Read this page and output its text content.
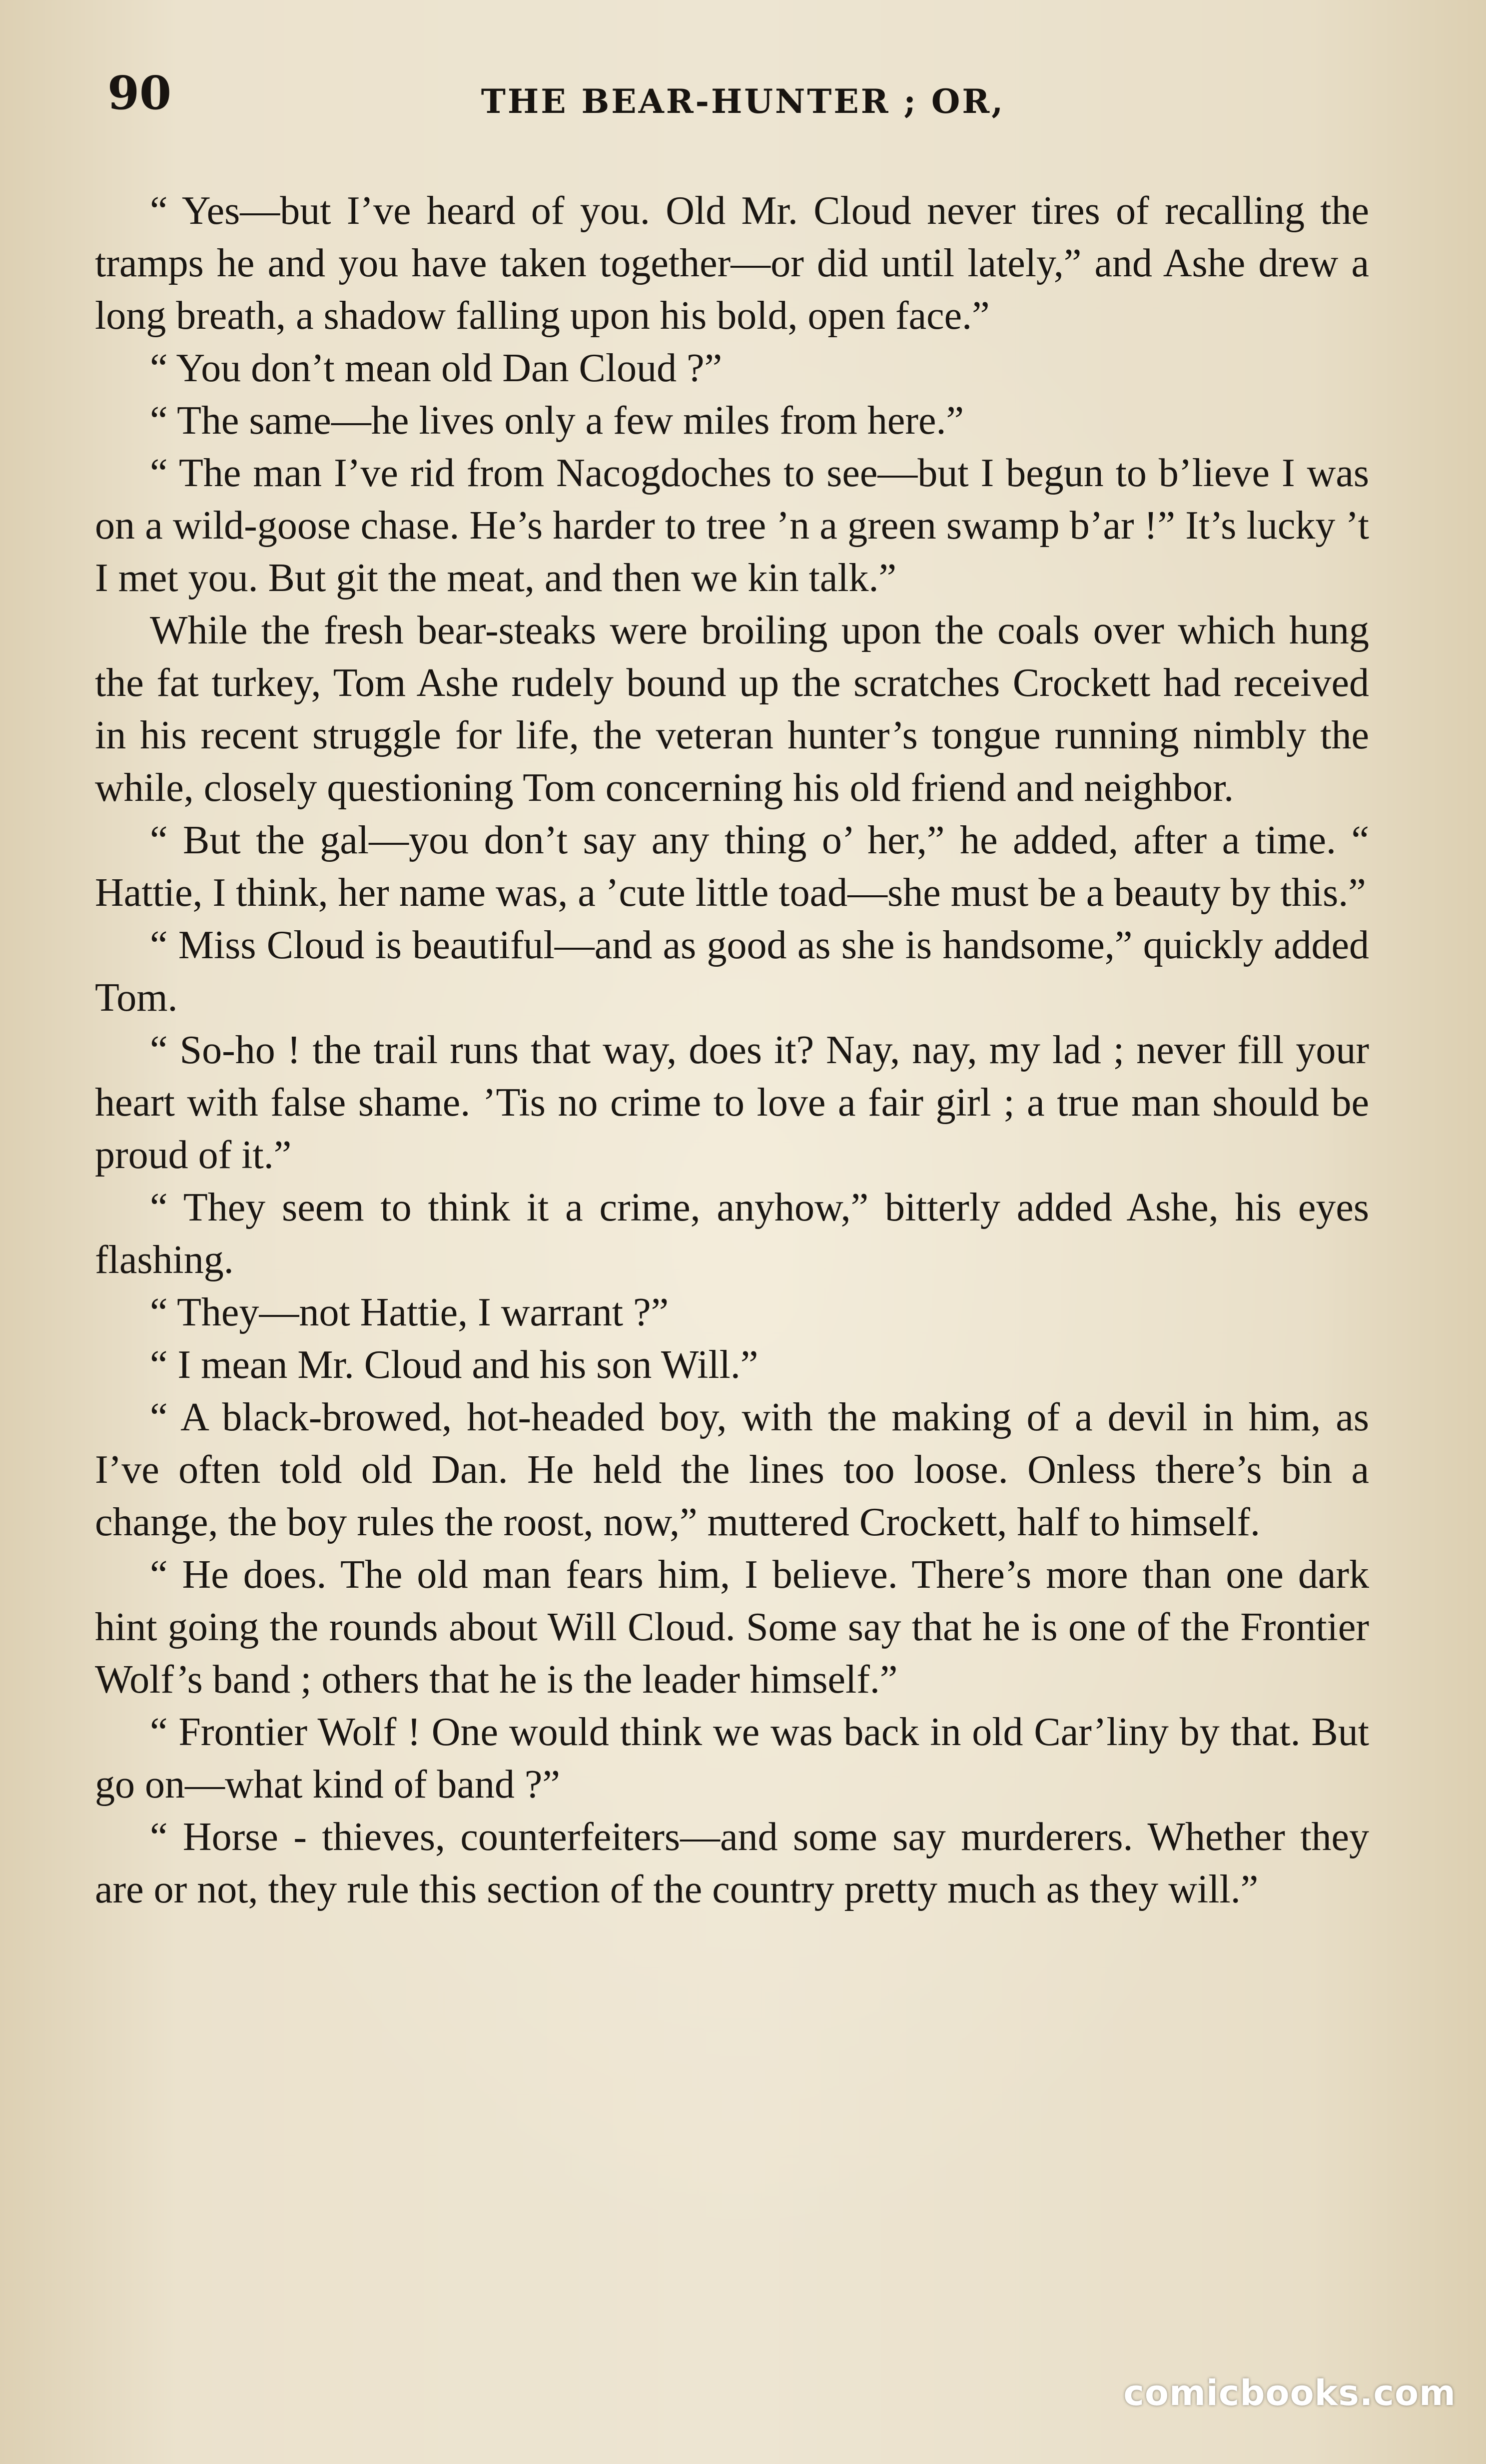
90	THE BEAR-HUNTER ; OR,

“ Yes—but I’ve heard of you. Old Mr. Cloud never tires of recalling the tramps he and you have taken together—or did until lately,” and Ashe drew a long breath, a shadow falling upon his bold, open face.”

“ You don’t mean old Dan Cloud ?”

“ The same—he lives only a few miles from here.”

“ The man I’ve rid from Nacogdoches to see—but I begun to b’lieve I was on a wild-goose chase. He’s harder to tree ’n a green swamp b’ar !” It’s lucky ’t I met you. But git the meat, and then we kin talk.”

While the fresh bear-steaks were broiling upon the coals over which hung the fat turkey, Tom Ashe rudely bound up the scratches Crockett had received in his recent struggle for life, the veteran hunter’s tongue running nimbly the while, closely questioning Tom concerning his old friend and neighbor.

“ But the gal—you don’t say any thing o’ her,” he added, after a time. “ Hattie, I think, her name was, a ’cute little toad—she must be a beauty by this.”

“ Miss Cloud is beautiful—and as good as she is handsome,” quickly added Tom.

“ So-ho ! the trail runs that way, does it? Nay, nay, my lad ; never fill your heart with false shame. ’Tis no crime to love a fair girl ; a true man should be proud of it.”

“ They seem to think it a crime, anyhow,” bitterly added Ashe, his eyes flashing.

“ They—not Hattie, I warrant ?”

“ I mean Mr. Cloud and his son Will.”

“ A black-browed, hot-headed boy, with the making of a devil in him, as I’ve often told old Dan. He held the lines too loose. Onless there’s bin a change, the boy rules the roost, now,” muttered Crockett, half to himself.

“ He does. The old man fears him, I believe. There’s more than one dark hint going the rounds about Will Cloud. Some say that he is one of the Frontier Wolf’s band ; others that he is the leader himself.”

“ Frontier Wolf ! One would think we was back in old Car’liny by that. But go on—what kind of band ?”

“ Horse - thieves, counterfeiters—and some say murderers. Whether they are or not, they rule this section of the country pretty much as they will.”

comicbooks.com
